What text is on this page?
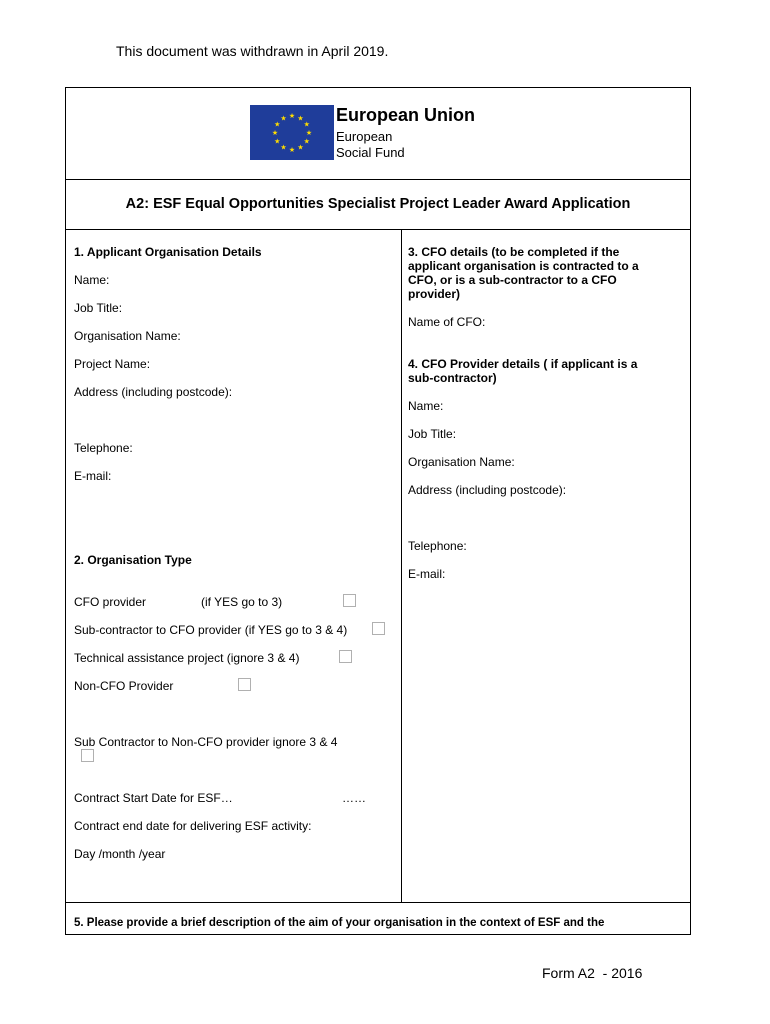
This document was withdrawn in April 2019.
★
★
★
★
★
★
★
★
★ ★ ★
★ European Union
European
Social Fund
A2: ESF Equal Opportunities Specialist Project Leader Award Application
1. Applicant Organisation Details
Name:
Job Title:
Organisation Name:
Project Name:
Address (including postcode):
Telephone:
E-mail:
2. Organisation Type
CFO provider	(if YES go to 3)
Sub-contractor to CFO provider (if YES go to 3 & 4)
Technical assistance project (ignore 3 & 4)
Non-CFO Provider
Sub Contractor to Non-CFO provider ignore 3 & 4
Contract Start Date for ESF…	……
Contract end date for delivering ESF activity:
Day /month /year
3. CFO details (to be completed if the applicant organisation is contracted to a CFO, or is a sub-contractor to a CFO provider)
Name of CFO:
4. CFO Provider details ( if applicant is a sub-contractor)
Name:
Job Title:
Organisation Name:
Address (including postcode):
Telephone:
E-mail:
5. Please provide a brief description of the aim of your organisation in the context of ESF and the
Form A2  - 2016
